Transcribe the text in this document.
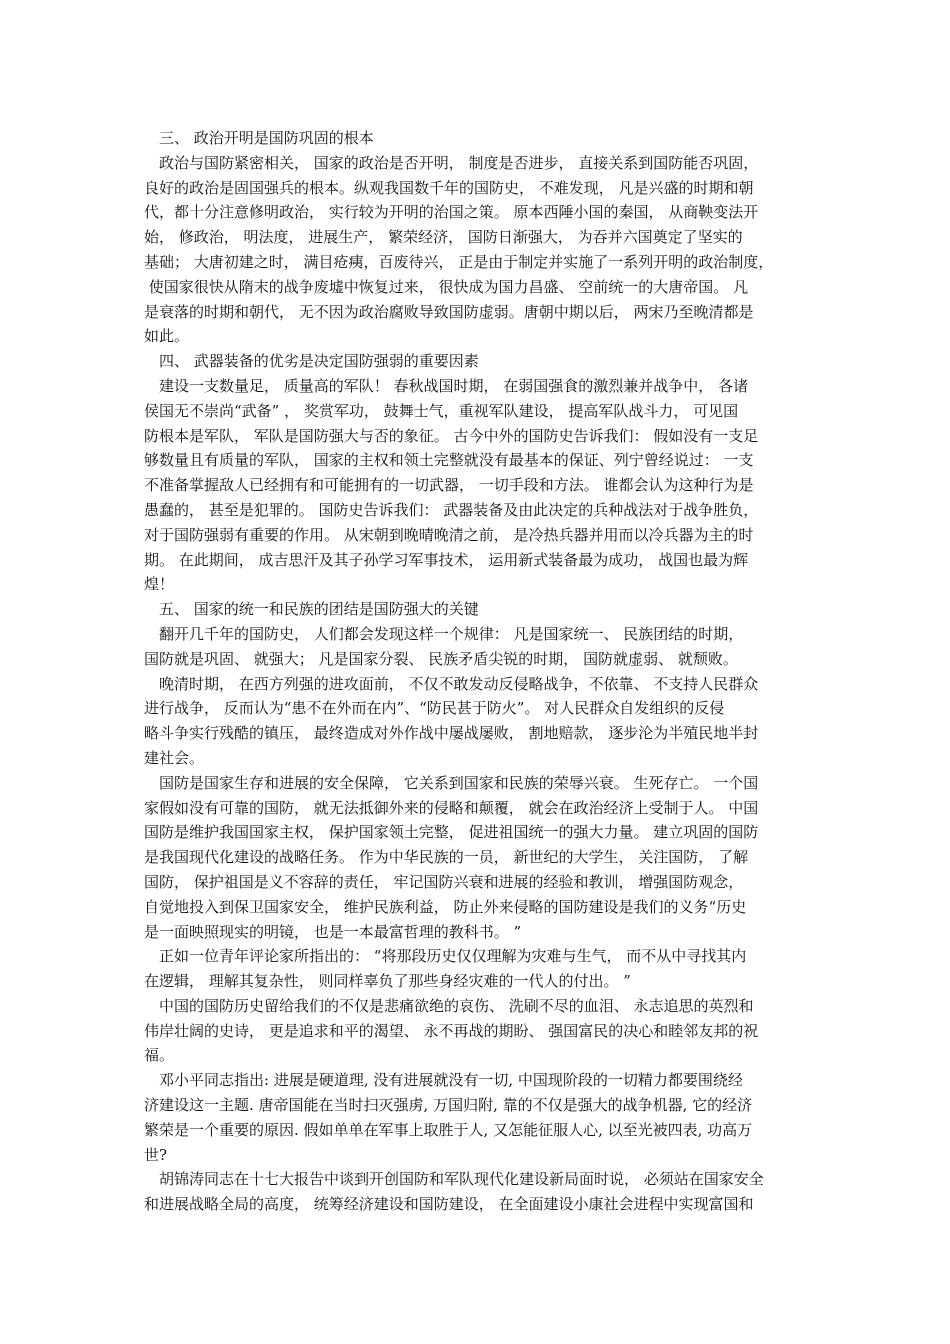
　三、 政治开明是国防巩固的根本
　政治与国防紧密相关， 国家的政治是否开明， 制度是否进步， 直接关系到国防能否巩固，
良好的政治是固国强兵的根本。纵观我国数千年的国防史， 不难发现， 凡是兴盛的时期和朝
代，都十分注意修明政治， 实行较为开明的治国之策。 原本西陲小国的秦国， 从商鞅变法开
始， 修政治， 明法度， 进展生产， 繁荣经济， 国防日渐强大， 为吞并六国奠定了坚实的
基础； 大唐初建之时， 满目疮痍，百废待兴， 正是由于制定并实施了一系列开明的政治制度，
使国家很快从隋末的战争废墟中恢复过来， 很快成为国力昌盛、 空前统一的大唐帝国。 凡
是衰落的时期和朝代， 无不因为政治腐败导致国防虚弱。唐朝中期以后， 两宋乃至晚清都是
如此。
　四、 武器装备的优劣是决定国防强弱的重要因素
　建设一支数量足， 质量高的军队！ 春秋战国时期， 在弱国强食的激烈兼并战争中， 各诸
侯国无不崇尚“武备” ， 奖赏军功， 鼓舞士气，重视军队建设， 提高军队战斗力， 可见国
防根本是军队， 军队是国防强大与否的象征。 古今中外的国防史告诉我们： 假如没有一支足
够数量且有质量的军队， 国家的主权和领土完整就没有最基本的保证、列宁曾经说过： 一支
不准备掌握敌人已经拥有和可能拥有的一切武器， 一切手段和方法。 谁都会认为这种行为是
愚蠢的， 甚至是犯罪的。 国防史告诉我们： 武器装备及由此决定的兵种战法对于战争胜负，
对于国防强弱有重要的作用。 从宋朝到晚晴晚清之前， 是冷热兵器并用而以冷兵器为主的时
期。 在此期间， 成吉思汗及其子孙学习军事技术， 运用新式装备最为成功， 战国也最为辉
煌！
　五、 国家的统一和民族的团结是国防强大的关键
　翻开几千年的国防史， 人们都会发现这样一个规律： 凡是国家统一、 民族团结的时期，
国防就是巩固、 就强大； 凡是国家分裂、 民族矛盾尖锐的时期， 国防就虚弱、 就颓败。
　晚清时期， 在西方列强的进攻面前， 不仅不敢发动反侵略战争，不依靠、 不支持人民群众
进行战争， 反而认为“患不在外而在内”、“防民甚于防火”。 对人民群众自发组织的反侵
略斗争实行残酷的镇压， 最终造成对外作战中屡战屡败， 割地赔款， 逐步沦为半殖民地半封
建社会。
　国防是国家生存和进展的安全保障， 它关系到国家和民族的荣辱兴衰。 生死存亡。 一个国
家假如没有可靠的国防， 就无法抵御外来的侵略和颠覆， 就会在政治经济上受制于人。 中国
国防是维护我国国家主权， 保护国家领土完整， 促进祖国统一的强大力量。 建立巩固的国防
是我国现代化建设的战略任务。 作为中华民族的一员， 新世纪的大学生， 关注国防， 了解
国防， 保护祖国是义不容辞的责任， 牢记国防兴衰和进展的经验和教训， 增强国防观念，
自觉地投入到保卫国家安全， 维护民族利益， 防止外来侵略的国防建设是我们的义务“历史
是一面映照现实的明镜， 也是一本最富哲理的教科书。 ”
　正如一位青年评论家所指出的： “将那段历史仅仅理解为灾难与生气， 而不从中寻找其内
在逻辑， 理解其复杂性， 则同样辜负了那些身经灾难的一代人的付出。 ”
　中国的国防历史留给我们的不仅是悲痛欲绝的哀伤、 洗刷不尽的血泪、 永志追思的英烈和
伟岸壮阔的史诗， 更是追求和平的渴望、 永不再战的期盼、 强国富民的决心和睦邻友邦的祝
福。
　邓小平同志指出: 进展是硬道理, 没有进展就没有一切, 中国现阶段的一切精力都要围绕经
济建设这一主题. 唐帝国能在当时扫灭强虏, 万国归附, 靠的不仅是强大的战争机器, 它的经济
繁荣是一个重要的原因. 假如单单在军事上取胜于人, 又怎能征服人心, 以至光被四表, 功高万
世?
　胡锦涛同志在十七大报告中谈到开创国防和军队现代化建设新局面时说， 必须站在国家安全
和进展战略全局的高度， 统筹经济建设和国防建设， 在全面建设小康社会进程中实现富国和
